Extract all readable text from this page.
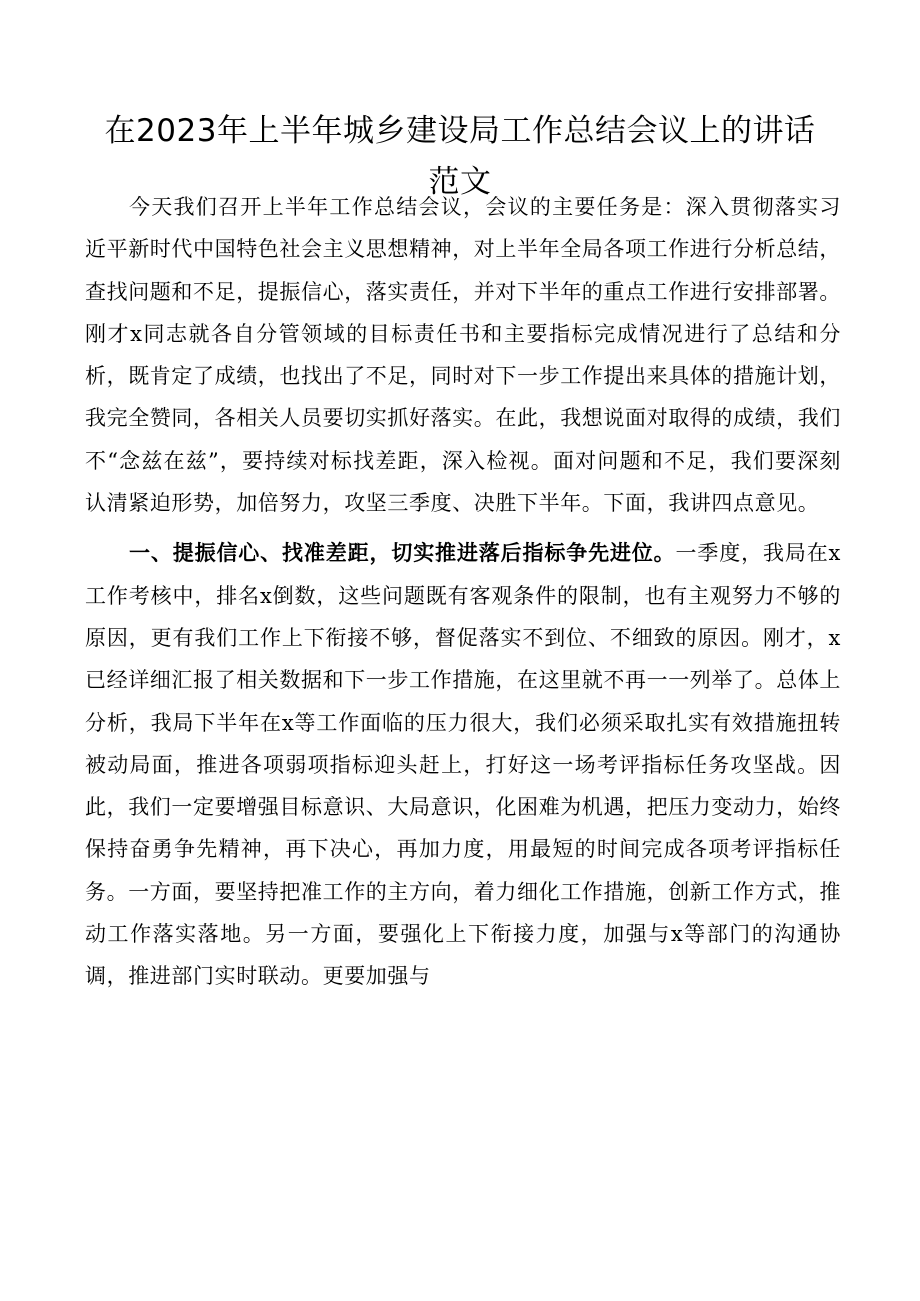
在2023年上半年城乡建设局工作总结会议上的讲话范文

今天我们召开上半年工作总结会议，会议的主要任务是：深入贯彻落实习近平新时代中国特色社会主义思想精神，对上半年全局各项工作进行分析总结，查找问题和不足，提振信心，落实责任，并对下半年的重点工作进行安排部署。刚才x同志就各自分管领域的目标责任书和主要指标完成情况进行了总结和分析，既肯定了成绩，也找出了不足，同时对下一步工作提出来具体的措施计划，我完全赞同，各相关人员要切实抓好落实。在此，我想说面对取得的成绩，我们不“念兹在兹”，要持续对标找差距，深入检视。面对问题和不足，我们要深刻认清紧迫形势，加倍努力，攻坚三季度、决胜下半年。下面，我讲四点意见。

一、提振信心、找准差距，切实推进落后指标争先进位。一季度，我局在x工作考核中，排名x倒数，这些问题既有客观条件的限制，也有主观努力不够的原因，更有我们工作上下衔接不够，督促落实不到位、不细致的原因。刚才，x已经详细汇报了相关数据和下一步工作措施，在这里就不再一一列举了。总体上分析，我局下半年在x等工作面临的压力很大，我们必须采取扎实有效措施扭转被动局面，推进各项弱项指标迎头赶上，打好这一场考评指标任务攻坚战。因此，我们一定要增强目标意识、大局意识，化困难为机遇，把压力变动力，始终保持奋勇争先精神，再下决心，再加力度，用最短的时间完成各项考评指标任务。一方面，要坚持把准工作的主方向，着力细化工作措施，创新工作方式，推动工作落实落地。另一方面，要强化上下衔接力度，加强与x等部门的沟通协调，推进部门实时联动。更要加强与
